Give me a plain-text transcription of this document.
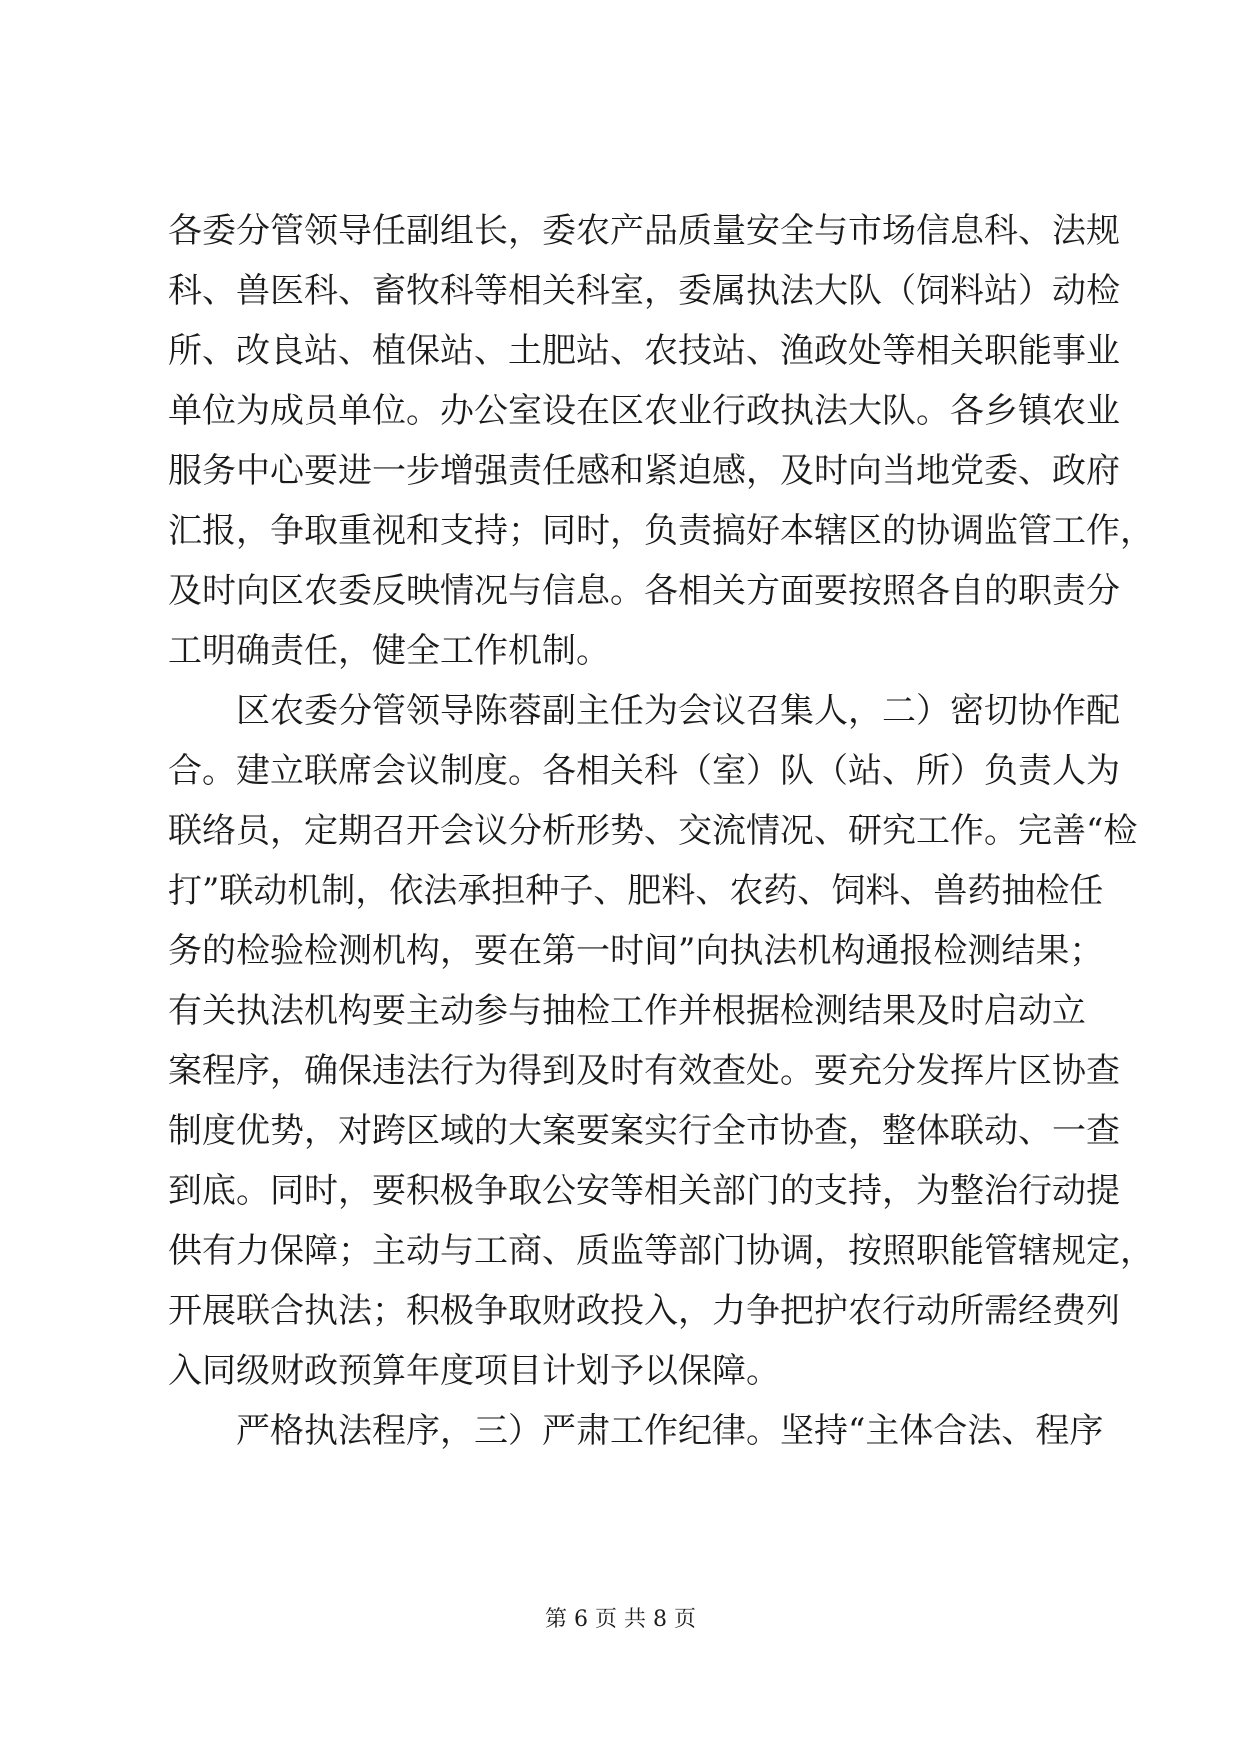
各委分管领导任副组长，委农产品质量安全与市场信息科、法规
科、兽医科、畜牧科等相关科室，委属执法大队（饲料站）动检
所、改良站、植保站、土肥站、农技站、渔政处等相关职能事业
单位为成员单位。办公室设在区农业行政执法大队。各乡镇农业
服务中心要进一步增强责任感和紧迫感，及时向当地党委、政府
汇报，争取重视和支持；同时，负责搞好本辖区的协调监管工作，
及时向区农委反映情况与信息。各相关方面要按照各自的职责分
工明确责任，健全工作机制。
区农委分管领导陈蓉副主任为会议召集人，二）密切协作配
合。建立联席会议制度。各相关科（室）队（站、所）负责人为
联络员，定期召开会议分析形势、交流情况、研究工作。完善“检
打”联动机制，依法承担种子、肥料、农药、饲料、兽药抽检任
务的检验检测机构，要在第一时间”向执法机构通报检测结果；
有关执法机构要主动参与抽检工作并根据检测结果及时启动立
案程序，确保违法行为得到及时有效查处。要充分发挥片区协查
制度优势，对跨区域的大案要案实行全市协查，整体联动、一查
到底。同时，要积极争取公安等相关部门的支持，为整治行动提
供有力保障；主动与工商、质监等部门协调，按照职能管辖规定，
开展联合执法；积极争取财政投入，力争把护农行动所需经费列
入同级财政预算年度项目计划予以保障。
严格执法程序，三）严肃工作纪律。坚持“主体合法、程序
第 6 页 共 8 页
